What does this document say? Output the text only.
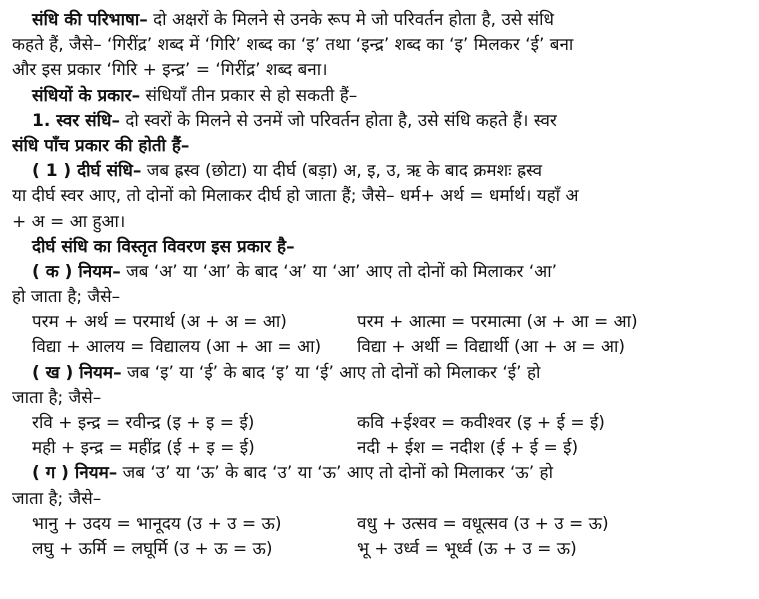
संधि की परिभाषा– दो अक्षरों के मिलने से उनके रूप मे जो परिवर्तन होता है, उसे संधि
कहते हैं, जैसे– ‘गिरींद्र’ शब्द में ‘गिरि’ शब्द का ‘इ’ तथा ‘इन्द्र’ शब्द का ‘इ’ मिलकर ‘ई’ बना
और इस प्रकार ‘गिरि + इन्द्र’ = ‘गिरींद्र’ शब्द बना।
संधियों के प्रकार– संधियाँ तीन प्रकार से हो सकती हैं–
1. स्वर संधि– दो स्वरों के मिलने से उनमें जो परिवर्तन होता है, उसे संधि कहते हैं। स्वर
संधि पाँच प्रकार की होती हैं–
( 1 ) दीर्घ संधि– जब ह्रस्व (छोटा) या दीर्घ (बड़ा) अ, इ, उ, ऋ के बाद क्रमशः ह्रस्व
या दीर्घ स्वर आए, तो दोनों को मिलाकर दीर्घ हो जाता हैं; जैसे– धर्म+ अर्थ = धर्मार्थ। यहाँ अ
+ अ = आ हुआ।
दीर्घ संधि का विस्तृत विवरण इस प्रकार है–
( क ) नियम– जब ‘अ’ या ‘आ’ के बाद ‘अ’ या ‘आ’ आए तो दोनों को मिलाकर ‘आ’
हो जाता है; जैसे–
परम + अर्थ = परमार्थ (अ + अ = आ)	परम + आत्मा = परमात्मा (अ + आ = आ)
विद्या + आलय = विद्यालय (आ + आ = आ)	विद्या + अर्थी = विद्यार्थी (आ + अ = आ)
( ख ) नियम– जब ‘इ’ या ‘ई’ के बाद ‘इ’ या ‘ई’ आए तो दोनों को मिलाकर ‘ई’ हो
जाता है; जैसे–
रवि + इन्द्र = रवीन्द्र (इ + इ = ई)	कवि +ईश्वर = कवीश्वर (इ + ई = ई)
मही + इन्द्र = महींद्र (ई + इ = ई)	नदी + ईश = नदीश (ई + ई = ई)
( ग ) नियम– जब ‘उ’ या ‘ऊ’ के बाद ‘उ’ या ‘ऊ’ आए तो दोनों को मिलाकर ‘ऊ’ हो
जाता है; जैसे–
भानु + उदय = भानूदय (उ + उ = ऊ)	वधु + उत्सव = वधूत्सव (उ + उ = ऊ)
लघु + ऊर्मि = लघूर्मि (उ + ऊ = ऊ)	भू + उर्ध्व = भूर्ध्व (ऊ + उ = ऊ)
